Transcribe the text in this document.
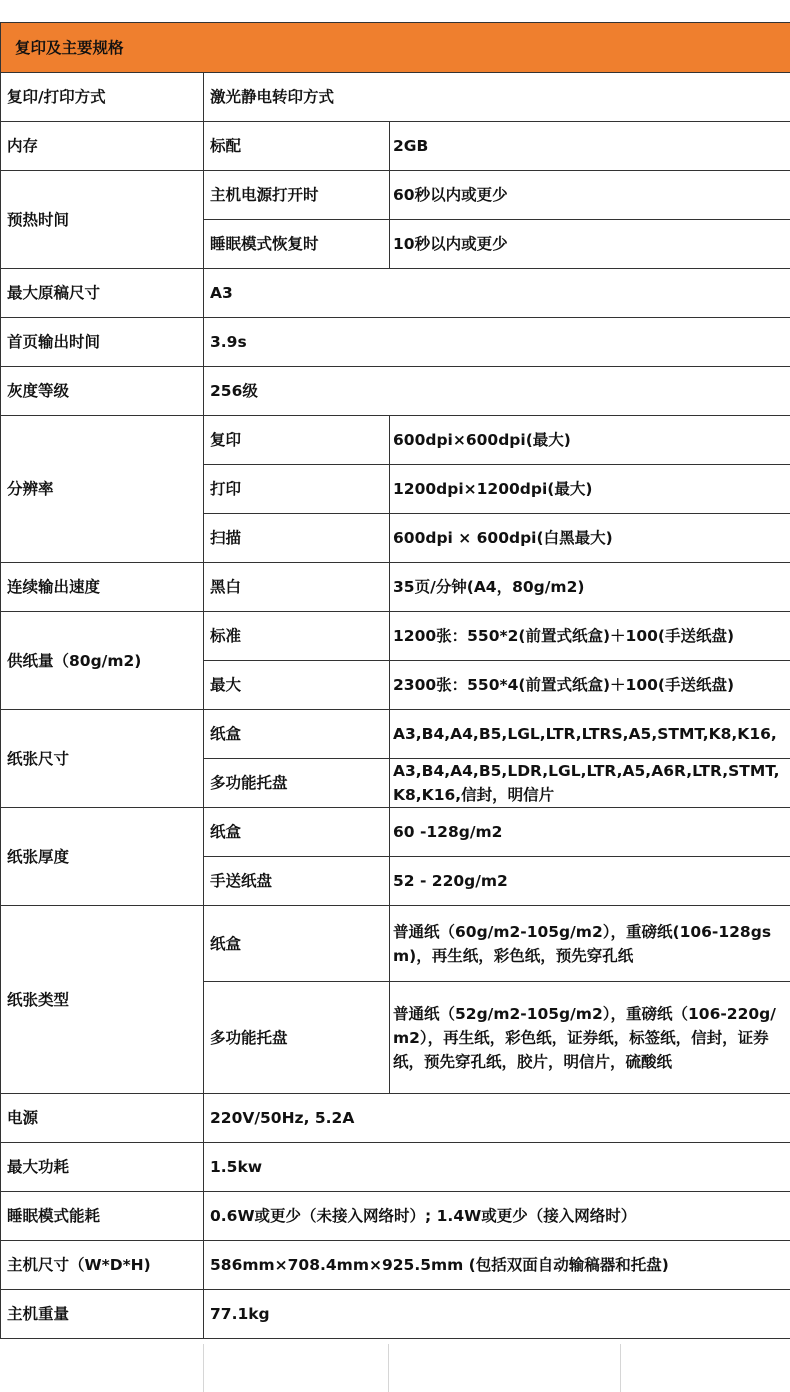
复印及主要规格		
复印/打印方式	激光静电转印方式	
内存	标配	2GB
预热时间	主机电源打开时	60秒以内或更少
	睡眠模式恢复时	10秒以内或更少
最大原稿尺寸	A3	
首页输出时间	3.9s	
灰度等级	256级	
分辨率	复印	600dpi×600dpi(最大)
	打印	1200dpi×1200dpi(最大)
	扫描	600dpi × 600dpi(白黑最大)
连续输出速度	黑白	35页/分钟(A4，80g/m2)
供纸量（80g/m2)	标准	1200张：550*2(前置式纸盒)＋100(手送纸盘)
	最大	2300张：550*4(前置式纸盒)＋100(手送纸盘)
纸张尺寸	纸盒	A3,B4,A4,B5,LGL,LTR,LTRS,A5,STMT,K8,K16,
	多功能托盘	A3,B4,A4,B5,LDR,LGL,LTR,A5,A6R,LTR,STMT,K8,K16,信封，明信片
纸张厚度	纸盒	60 -128g/m2
	手送纸盘	52 - 220g/m2
纸张类型	纸盒	普通纸（60g/m2-105g/m2），重磅纸(106-128gsm)，再生纸，彩色纸，预先穿孔纸
	多功能托盘	普通纸（52g/m2-105g/m2），重磅纸（106-220g/m2），再生纸，彩色纸，证券纸，标签纸，信封，证券纸，预先穿孔纸，胶片，明信片，硫酸纸
电源	220V/50Hz, 5.2A	
最大功耗	1.5kw	
睡眠模式能耗	0.6W或更少（未接入网络时）; 1.4W或更少（接入网络时）	
主机尺寸（W*D*H)	586mm×708.4mm×925.5mm (包括双面自动输稿器和托盘)	
主机重量	77.1kg	
